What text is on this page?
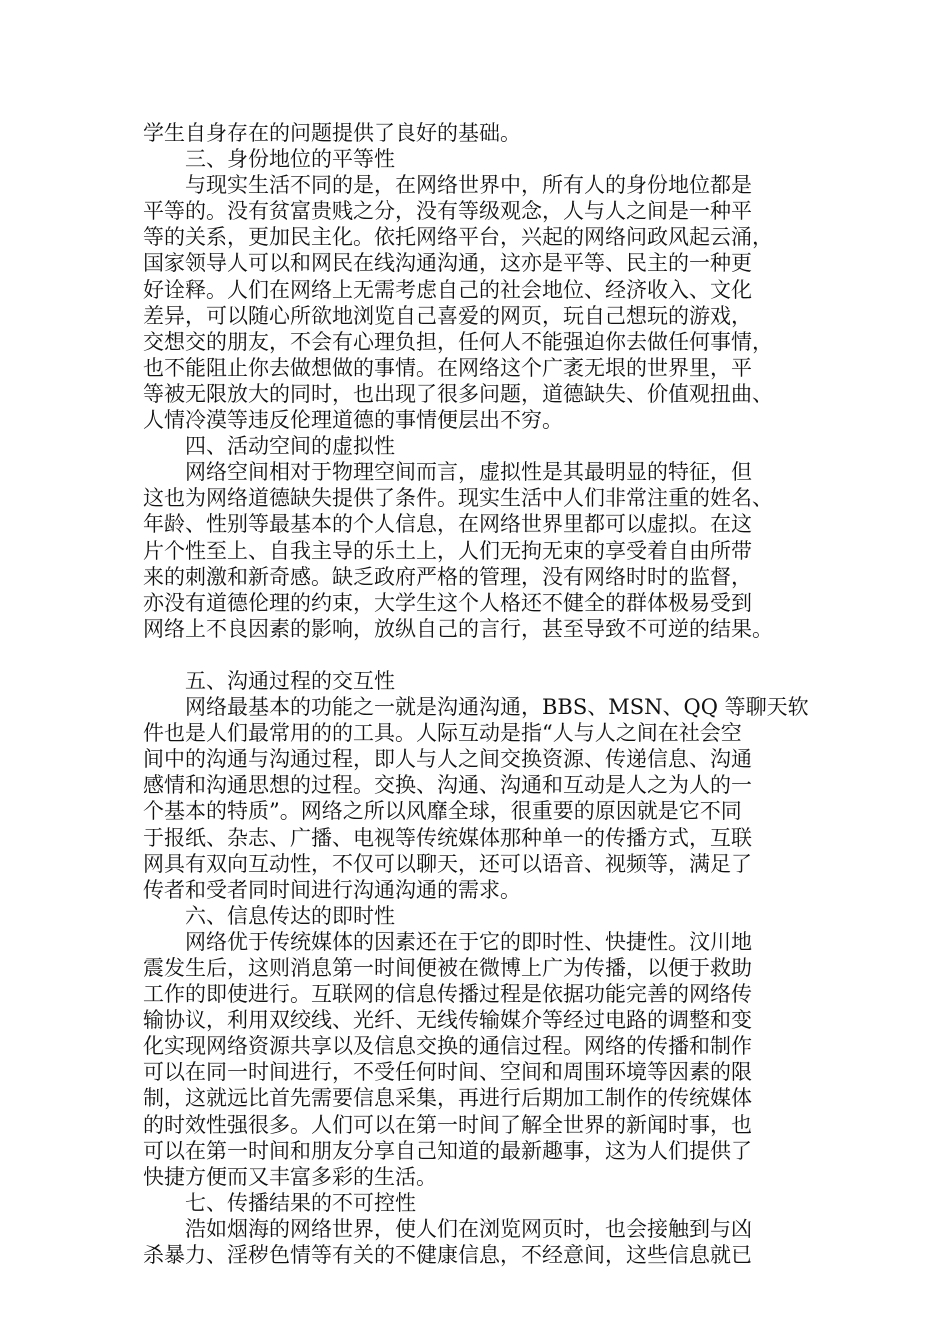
学生自身存在的问题提供了良好的基础。
三、身份地位的平等性
与现实生活不同的是，在网络世界中，所有人的身份地位都是
平等的。没有贫富贵贱之分，没有等级观念，人与人之间是一种平
等的关系，更加民主化。依托网络平台，兴起的网络问政风起云涌，
国家领导人可以和网民在线沟通沟通，这亦是平等、民主的一种更
好诠释。人们在网络上无需考虑自己的社会地位、经济收入、文化
差异，可以随心所欲地浏览自己喜爱的网页，玩自己想玩的游戏，
交想交的朋友，不会有心理负担，任何人不能强迫你去做任何事情，
也不能阻止你去做想做的事情。在网络这个广袤无垠的世界里，平
等被无限放大的同时，也出现了很多问题，道德缺失、价值观扭曲、
人情冷漠等违反伦理道德的事情便层出不穷。
四、活动空间的虚拟性
网络空间相对于物理空间而言，虚拟性是其最明显的特征，但
这也为网络道德缺失提供了条件。现实生活中人们非常注重的姓名、
年龄、性别等最基本的个人信息，在网络世界里都可以虚拟。在这
片个性至上、自我主导的乐土上，人们无拘无束的享受着自由所带
来的刺激和新奇感。缺乏政府严格的管理，没有网络时时的监督，
亦没有道德伦理的约束，大学生这个人格还不健全的群体极易受到
网络上不良因素的影响，放纵自己的言行，甚至导致不可逆的结果。
五、沟通过程的交互性
网络最基本的功能之一就是沟通沟通，BBS、MSN、QQ 等聊天软
件也是人们最常用的的工具。人际互动是指“人与人之间在社会空
间中的沟通与沟通过程，即人与人之间交换资源、传递信息、沟通
感情和沟通思想的过程。交换、沟通、沟通和互动是人之为人的一
个基本的特质”。网络之所以风靡全球，很重要的原因就是它不同
于报纸、杂志、广播、电视等传统媒体那种单一的传播方式，互联
网具有双向互动性，不仅可以聊天，还可以语音、视频等，满足了
传者和受者同时间进行沟通沟通的需求。
六、信息传达的即时性
网络优于传统媒体的因素还在于它的即时性、快捷性。汶川地
震发生后，这则消息第一时间便被在微博上广为传播，以便于救助
工作的即使进行。互联网的信息传播过程是依据功能完善的网络传
输协议，利用双绞线、光纤、无线传输媒介等经过电路的调整和变
化实现网络资源共享以及信息交换的通信过程。网络的传播和制作
可以在同一时间进行，不受任何时间、空间和周围环境等因素的限
制，这就远比首先需要信息采集，再进行后期加工制作的传统媒体
的时效性强很多。人们可以在第一时间了解全世界的新闻时事，也
可以在第一时间和朋友分享自己知道的最新趣事，这为人们提供了
快捷方便而又丰富多彩的生活。
七、传播结果的不可控性
浩如烟海的网络世界，使人们在浏览网页时，也会接触到与凶
杀暴力、淫秽色情等有关的不健康信息，不经意间，这些信息就已
